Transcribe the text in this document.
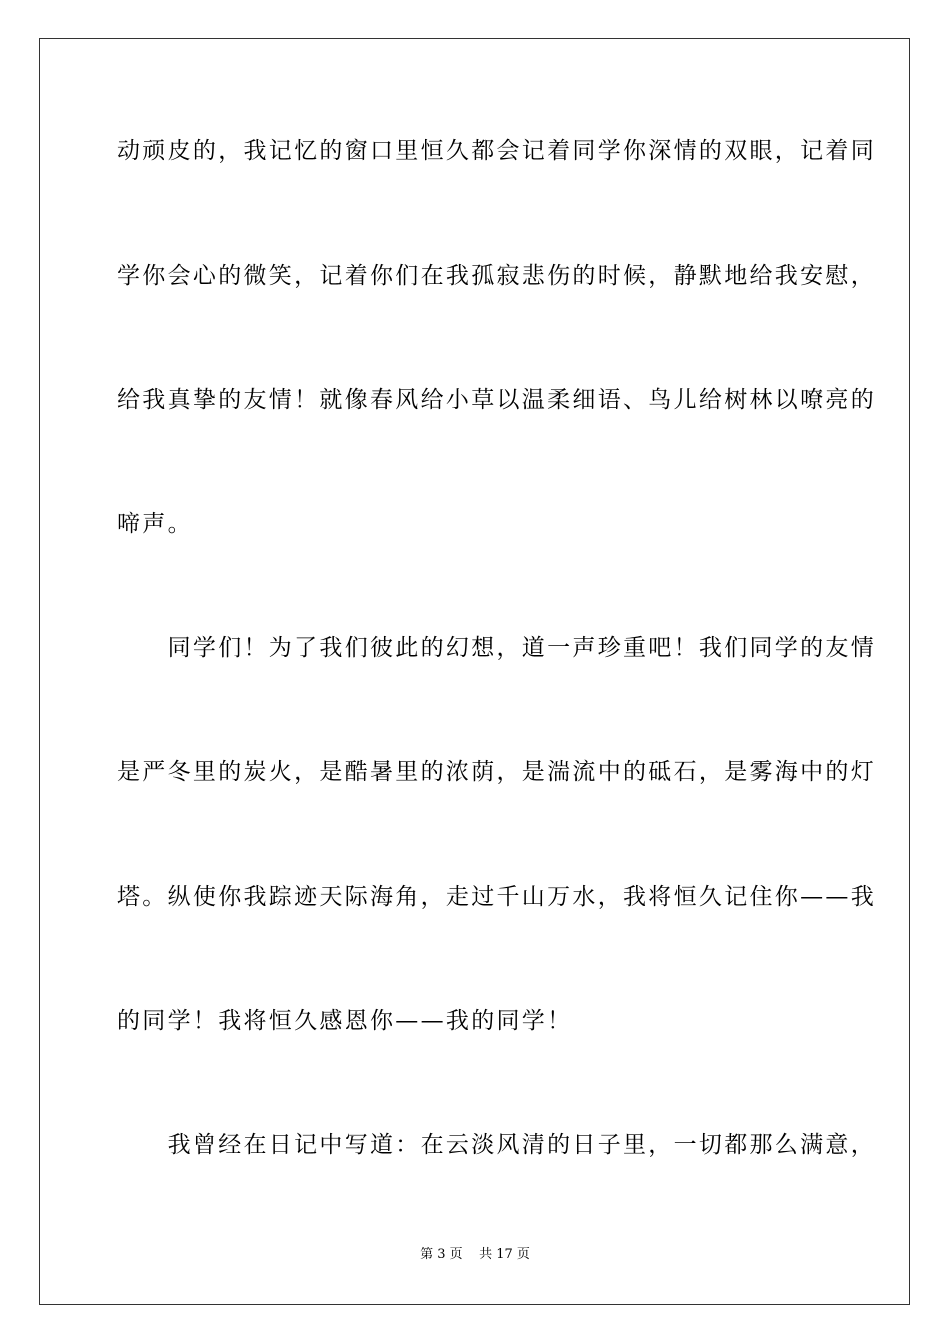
动顽皮的，我记忆的窗口里恒久都会记着同学你深情的双眼，记着同
学你会心的微笑，记着你们在我孤寂悲伤的时候，静默地给我安慰，
给我真挚的友情！就像春风给小草以温柔细语、鸟儿给树林以嘹亮的
啼声。
　　同学们！为了我们彼此的幻想，道一声珍重吧！我们同学的友情
是严冬里的炭火，是酷暑里的浓荫，是湍流中的砥石，是雾海中的灯
塔。纵使你我踪迹天际海角，走过千山万水，我将恒久记住你——我
的同学！我将恒久感恩你——我的同学！
　　我曾经在日记中写道：在云淡风清的日子里，一切都那么满意，
第 3 页    共 17 页
